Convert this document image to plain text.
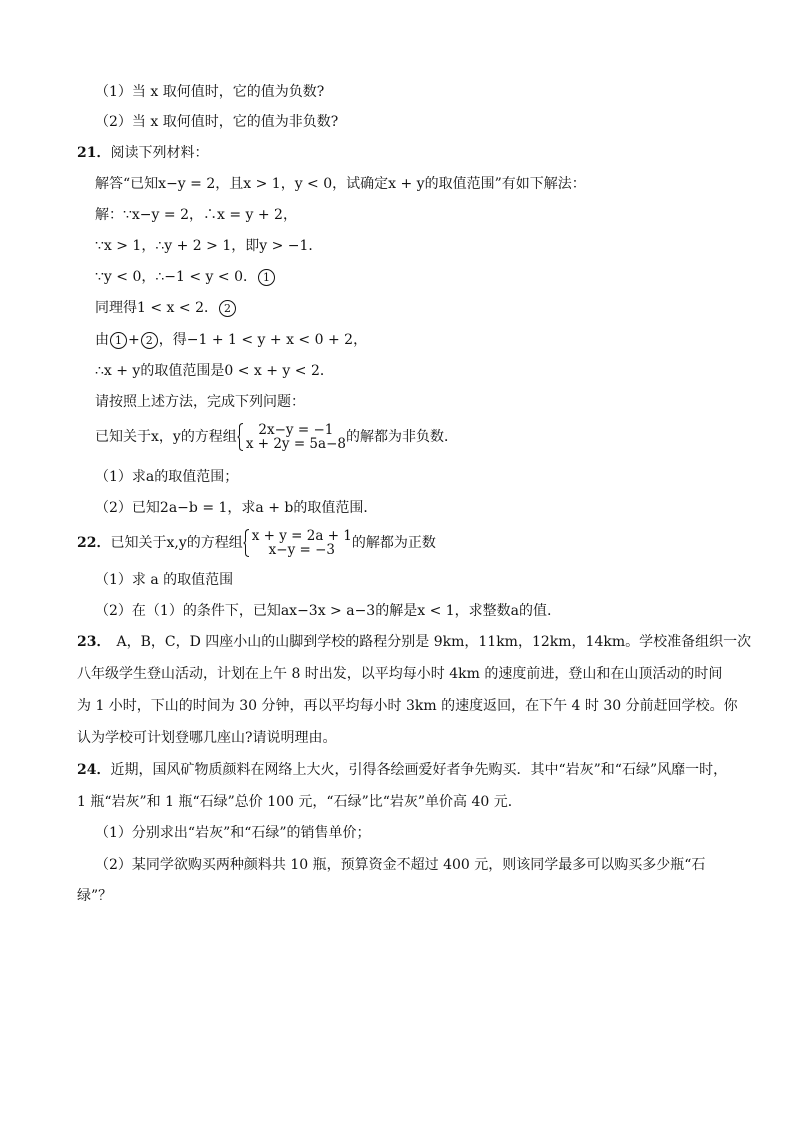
（1）当 x 取何值时，它的值为负数?
（2）当 x 取何值时，它的值为非负数?
21．阅读下列材料：
解答“已知x−y = 2，且x > 1，y < 0，试确定x + y的取值范围”有如下解法：
解：∵x−y = 2，∴x = y + 2，
∵x > 1，∴y + 2 > 1，即y > −1．
∵y < 0，∴−1 < y < 0． 1
同理得1 < x < 2． 2
由 1 + 2 ，得−1 + 1 < y + x < 0 + 2，
∴x + y的取值范围是0 < x + y < 2．
请按照上述方法，完成下列问题：
已知关于x，y的方程组	2x−y = −1
x + 2y = 5a−8 的解都为非负数．
（1）求a的取值范围；
（2）已知2a−b = 1，求a + b的取值范围．
22．已知关于x,y的方程组 x + y = 2a + 1
x−y = −3	的解都为正数
（1）求 a 的取值范围
（2）在（1）的条件下，已知ax−3x > a−3的解是x < 1，求整数a的值.
23． A，B，C，D 四座小山的山脚到学校的路程分别是 9km，11km，12km，14km。学校准备组织一次
八年级学生登山活动，计划在上午 8 时出发，以平均每小时 4km 的速度前进，登山和在山顶活动的时间
为 1 小时，下山的时间为 30 分钟，再以平均每小时 3km 的速度返回，在下午 4 时 30 分前赶回学校。你
认为学校可计划登哪几座山?请说明理由。
24．近期，国风矿物质颜料在网络上大火，引得各绘画爱好者争先购买．其中“岩灰”和“石绿”风靡一时，
1 瓶“岩灰”和 1 瓶“石绿”总价 100 元，“石绿”比“岩灰”单价高 40 元．
（1）分别求出“岩灰”和“石绿”的销售单价；
（2）某同学欲购买两种颜料共 10 瓶，预算资金不超过 400 元，则该同学最多可以购买多少瓶“石
绿”？
